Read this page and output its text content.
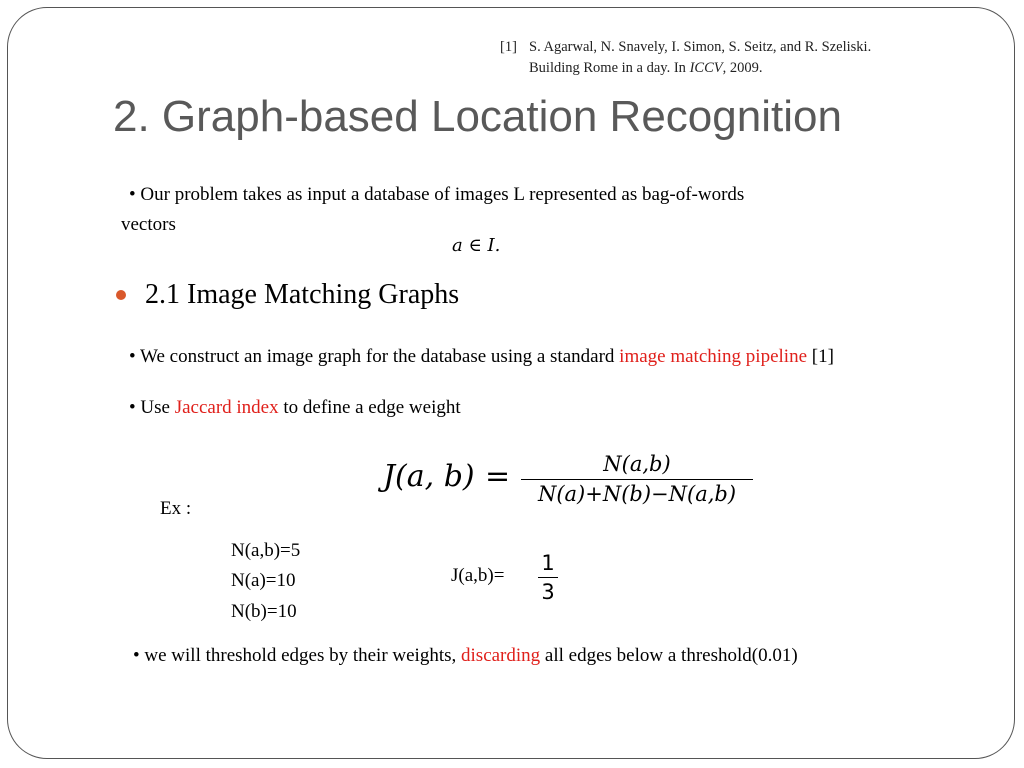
[1] S. Agarwal, N. Snavely, I. Simon, S. Seitz, and R. Szeliski.
Building Rome in a day. In ICCV, 2009.
2. Graph-based Location Recognition
• Our problem takes as input a database of images L represented as bag-of-words
vectors
a ∈ I.
2.1 Image Matching Graphs
• We construct an image graph for the database using a standard image matching pipeline [1]
• Use Jaccard index to define a edge weight
J(a, b) =	N(a,b)
N(a)+N(b)−N(a,b)
Ex :
N(a,b)=5
N(a)=10
N(b)=10
J(a,b)=
1
3
• we will threshold edges by their weights, discarding all edges below a threshold(0.01)
